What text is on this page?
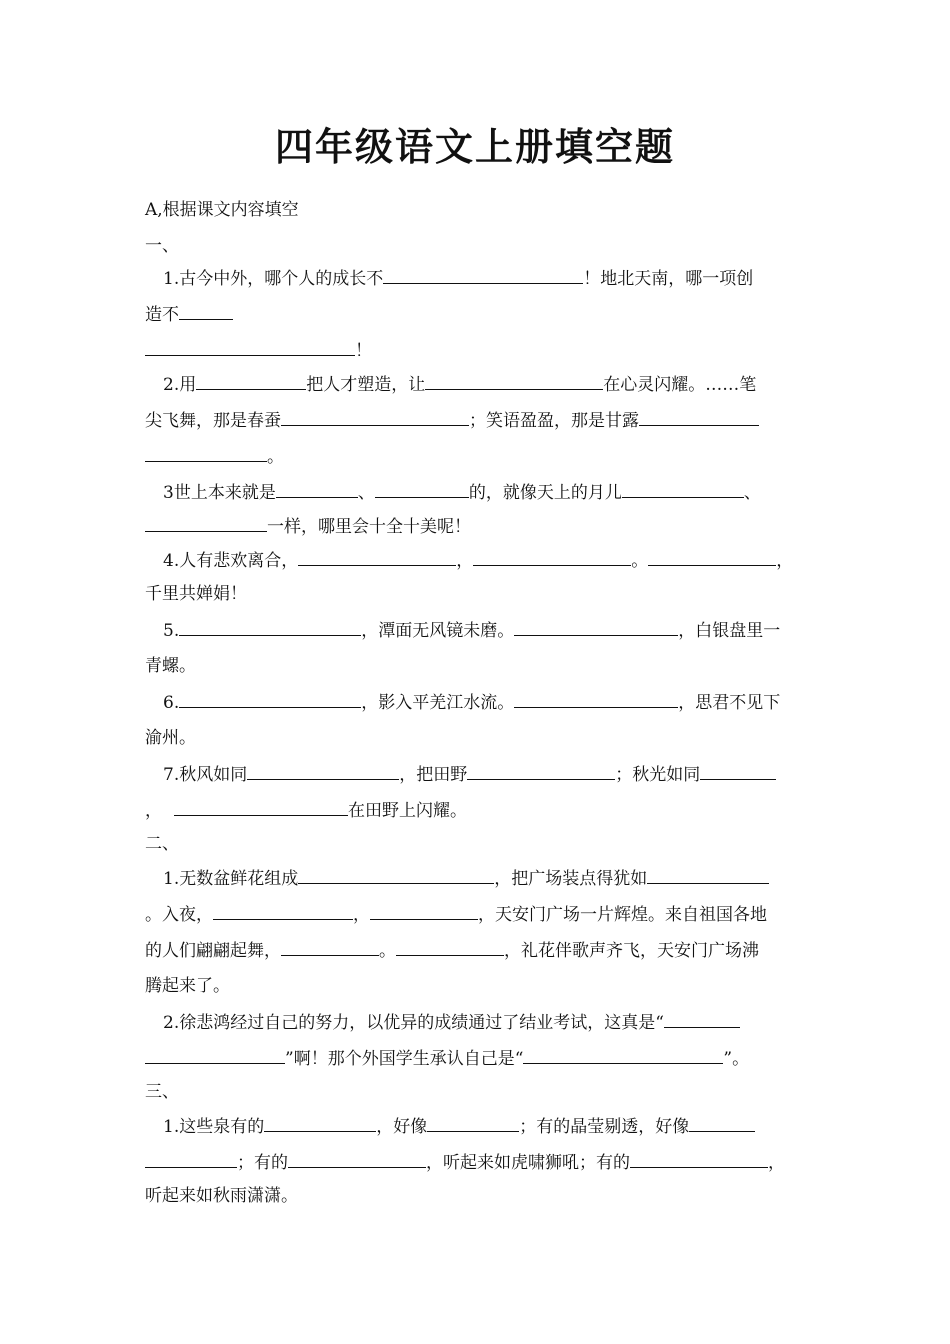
四年级语文上册填空题
A,根据课文内容填空
一、
1.古今中外，哪个人的成长不	！地北天南，哪一项创
造不
！
2.用	把人才塑造，让	在心灵闪耀。……笔
尖飞舞，那是春蚕	；笑语盈盈，那是甘露
。
3世上本来就是	、	的，就像天上的月儿	、
一样，哪里会十全十美呢！
4.人有悲欢离合，	，	。	，
千里共婵娟！
5.	，潭面无风镜未磨。	，白银盘里一
青螺。
6.	，影入平羌江水流。	，思君不见下
渝州。
7.秋风如同	，把田野	；秋光如同
，	在田野上闪耀。
二、
1.无数盆鲜花组成	，把广场装点得犹如
。入夜，	，	，天安门广场一片辉煌。来自祖国各地
的人们翩翩起舞，	。	，礼花伴歌声齐飞，天安门广场沸
腾起来了。
2.徐悲鸿经过自己的努力，以优异的成绩通过了结业考试，这真是“
”啊！那个外国学生承认自己是“	”。
三、
1.这些泉有的	，好像	；有的晶莹剔透，好像
；有的	，听起来如虎啸狮吼；有的	，
听起来如秋雨潇潇。
